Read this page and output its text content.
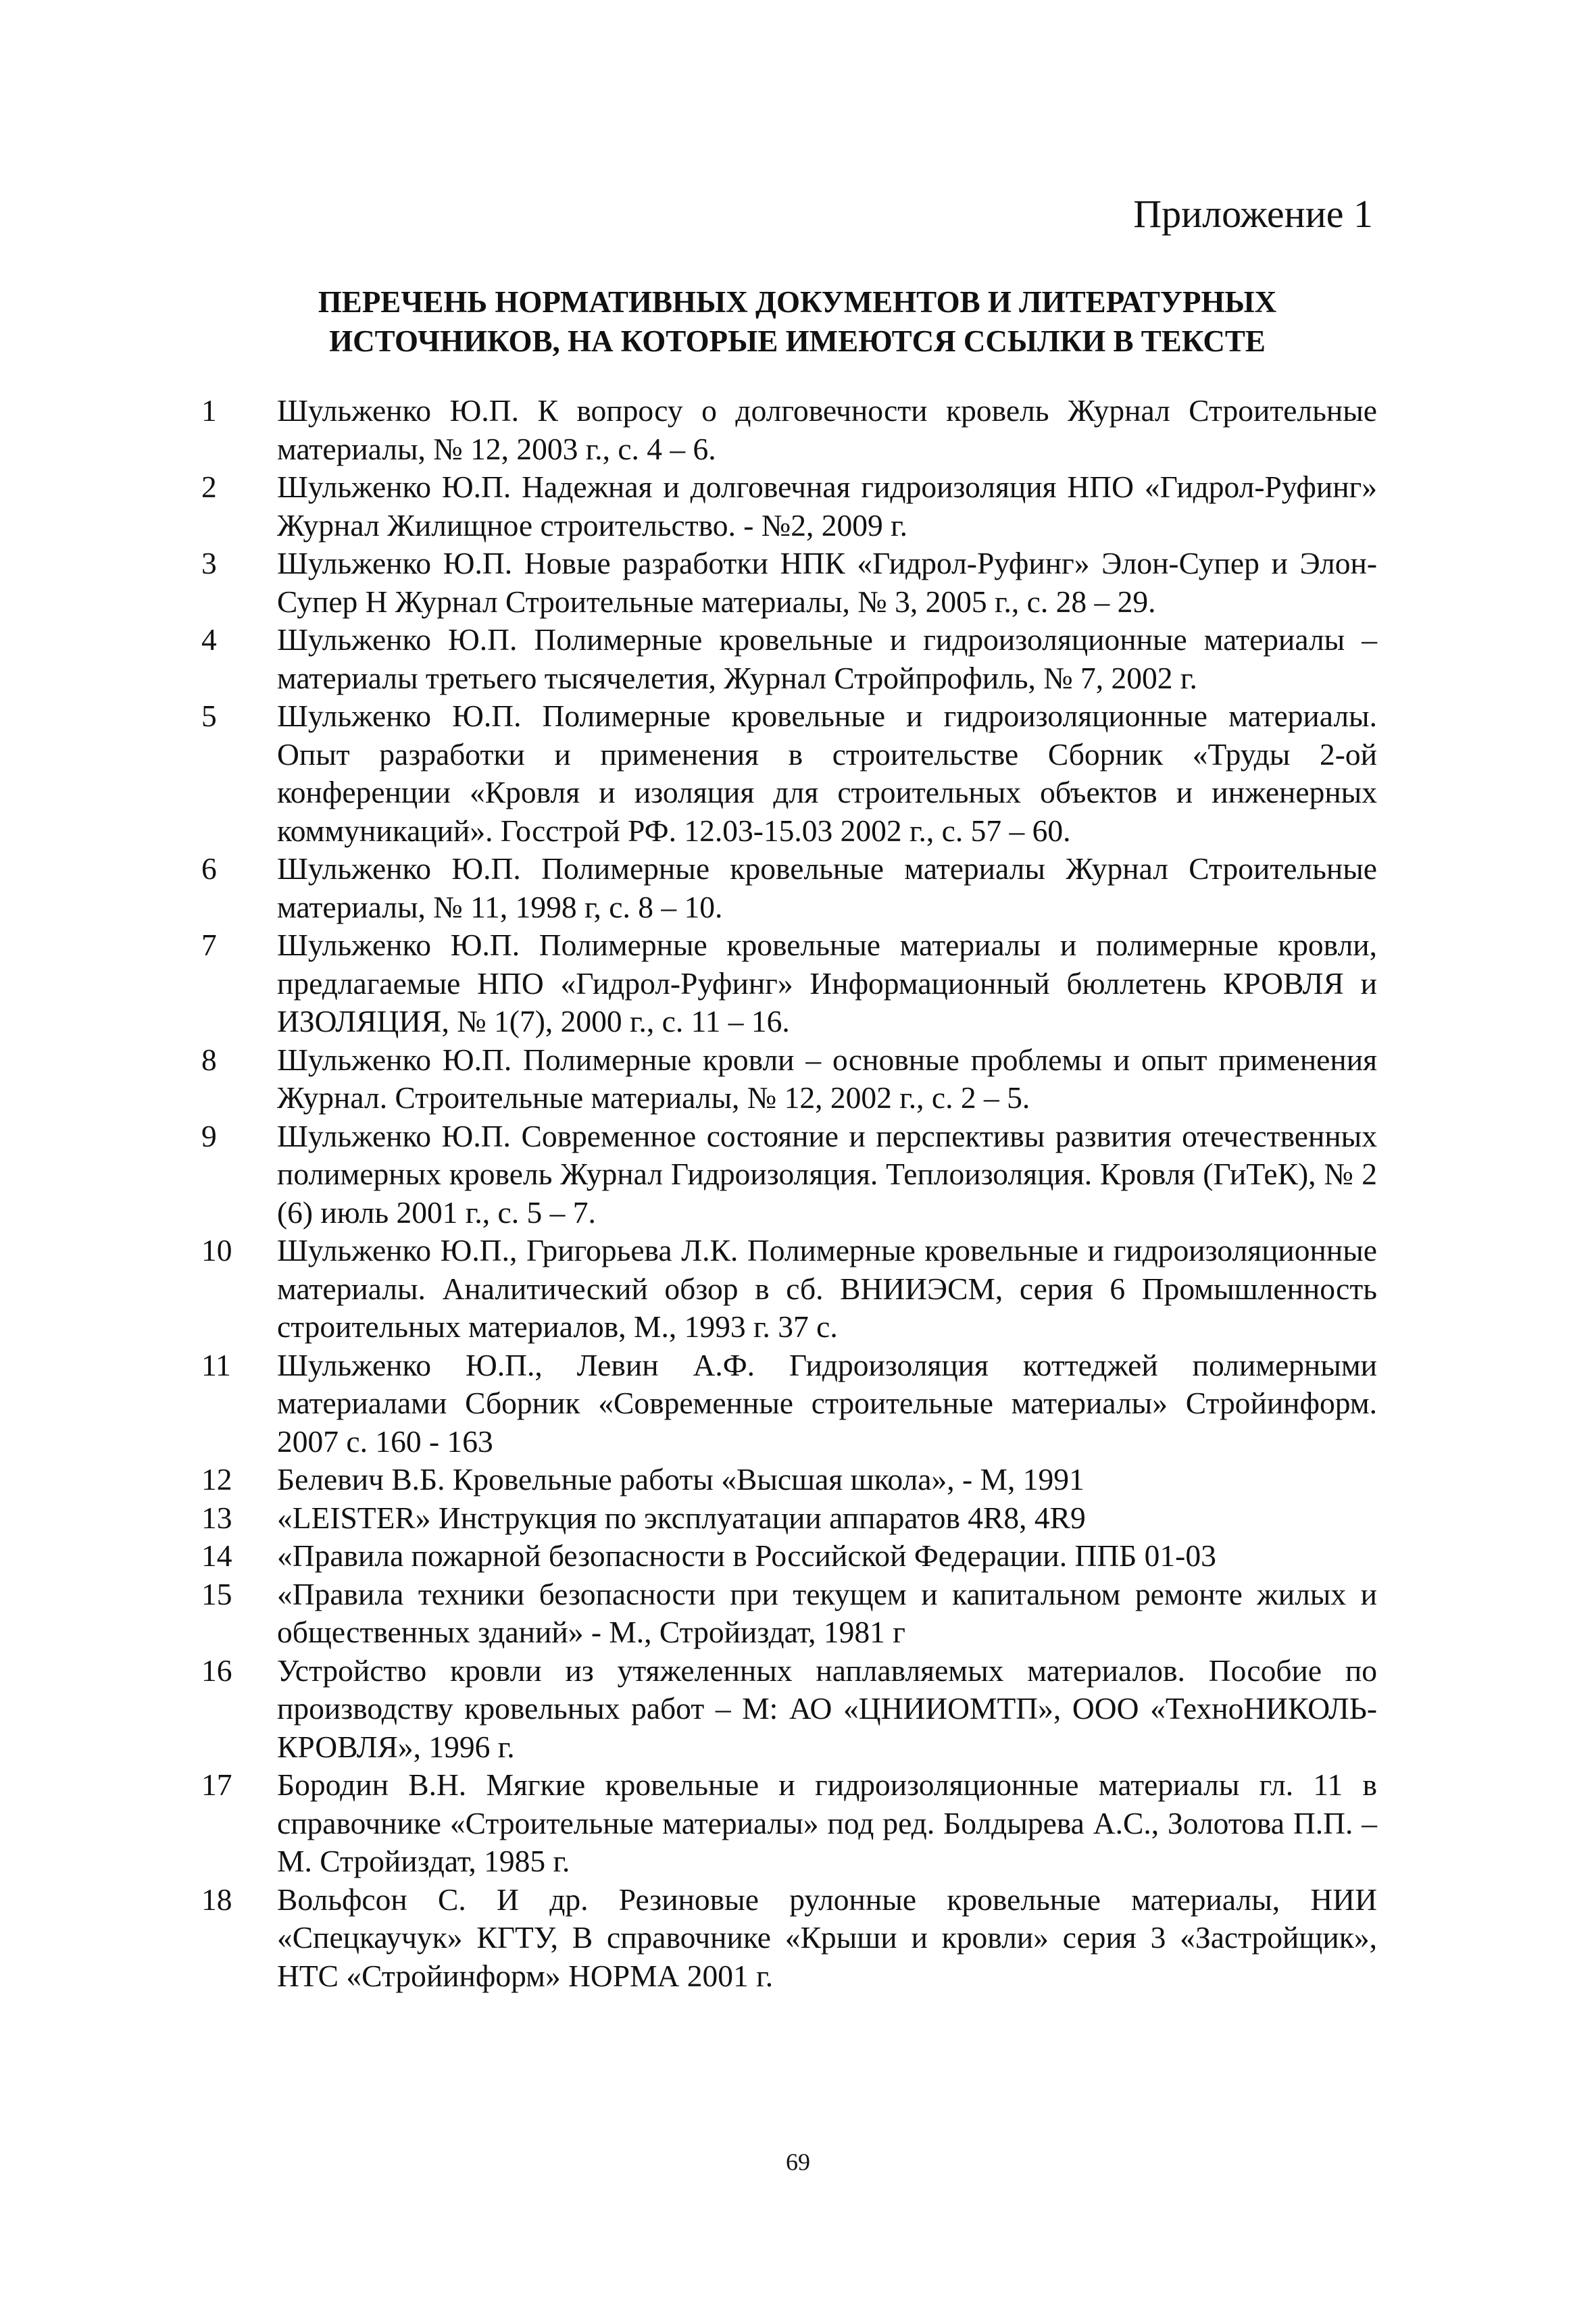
Приложение 1
ПЕРЕЧЕНЬ НОРМАТИВНЫХ ДОКУМЕНТОВ И ЛИТЕРАТУРНЫХ
ИСТОЧНИКОВ, НА КОТОРЫЕ ИМЕЮТСЯ ССЫЛКИ В ТЕКСТЕ
1 Шульженко Ю.П. К вопросу о долговечности кровель Журнал Строительные материалы, № 12, 2003 г., с. 4 – 6.
2 Шульженко Ю.П. Надежная и долговечная гидроизоляция НПО «Гидрол-Руфинг» Журнал Жилищное строительство. - №2, 2009 г.
3 Шульженко Ю.П. Новые разработки НПК «Гидрол-Руфинг» Элон-Супер и Элон-Супер Н Журнал Строительные материалы, № 3, 2005 г., с. 28 – 29.
4 Шульженко Ю.П. Полимерные кровельные и гидроизоляционные материалы – материалы третьего тысячелетия, Журнал Стройпрофиль, № 7, 2002 г.
5 Шульженко Ю.П. Полимерные кровельные и гидроизоляционные материалы. Опыт разработки и применения в строительстве Сборник «Труды 2-ой конференции «Кровля и изоляция для строительных объектов и инженерных коммуникаций». Госстрой РФ. 12.03-15.03 2002 г., с. 57 – 60.
6 Шульженко Ю.П. Полимерные кровельные материалы Журнал Строительные материалы, № 11, 1998 г, с. 8 – 10.
7 Шульженко Ю.П. Полимерные кровельные материалы и полимерные кровли, предлагаемые НПО «Гидрол-Руфинг» Информационный бюллетень КРОВЛЯ и ИЗОЛЯЦИЯ, № 1(7), 2000 г., с. 11 – 16.
8 Шульженко Ю.П. Полимерные кровли – основные проблемы и опыт применения Журнал. Строительные материалы, № 12, 2002 г., с. 2 – 5.
9 Шульженко Ю.П. Современное состояние и перспективы развития отечественных полимерных кровель Журнал Гидроизоляция. Теплоизоляция. Кровля (ГиТеК), № 2 (6) июль 2001 г., с. 5 – 7.
10 Шульженко Ю.П., Григорьева Л.К. Полимерные кровельные и гидроизоляционные материалы. Аналитический обзор в сб. ВНИИЭСМ, серия 6 Промышленность строительных материалов, М., 1993 г. 37 с.
11 Шульженко Ю.П., Левин А.Ф. Гидроизоляция коттеджей полимерными материалами Сборник «Современные строительные материалы» Стройинформ. 2007 с. 160 - 163
12 Белевич В.Б. Кровельные работы «Высшая школа», - М, 1991
13 «LEISTER» Инструкция по эксплуатации аппаратов 4R8, 4R9
14 «Правила пожарной безопасности в Российской Федерации. ППБ 01-03
15 «Правила техники безопасности при текущем и капитальном ремонте жилых и общественных зданий» - М., Стройиздат, 1981 г
16 Устройство кровли из утяжеленных наплавляемых материалов. Пособие по производству кровельных работ – М: АО «ЦНИИОМТП», ООО «ТехноНИКОЛЬ-КРОВЛЯ», 1996 г.
17 Бородин В.Н. Мягкие кровельные и гидроизоляционные материалы гл. 11 в справочнике «Строительные материалы» под ред. Болдырева А.С., Золотова П.П. – М. Стройиздат, 1985 г.
18 Вольфсон С. И др. Резиновые рулонные кровельные материалы, НИИ «Спецкаучук» КГТУ, В справочнике «Крыши и кровли» серия 3 «Застройщик», НТС «Стройинформ» НОРМА 2001 г.
69
